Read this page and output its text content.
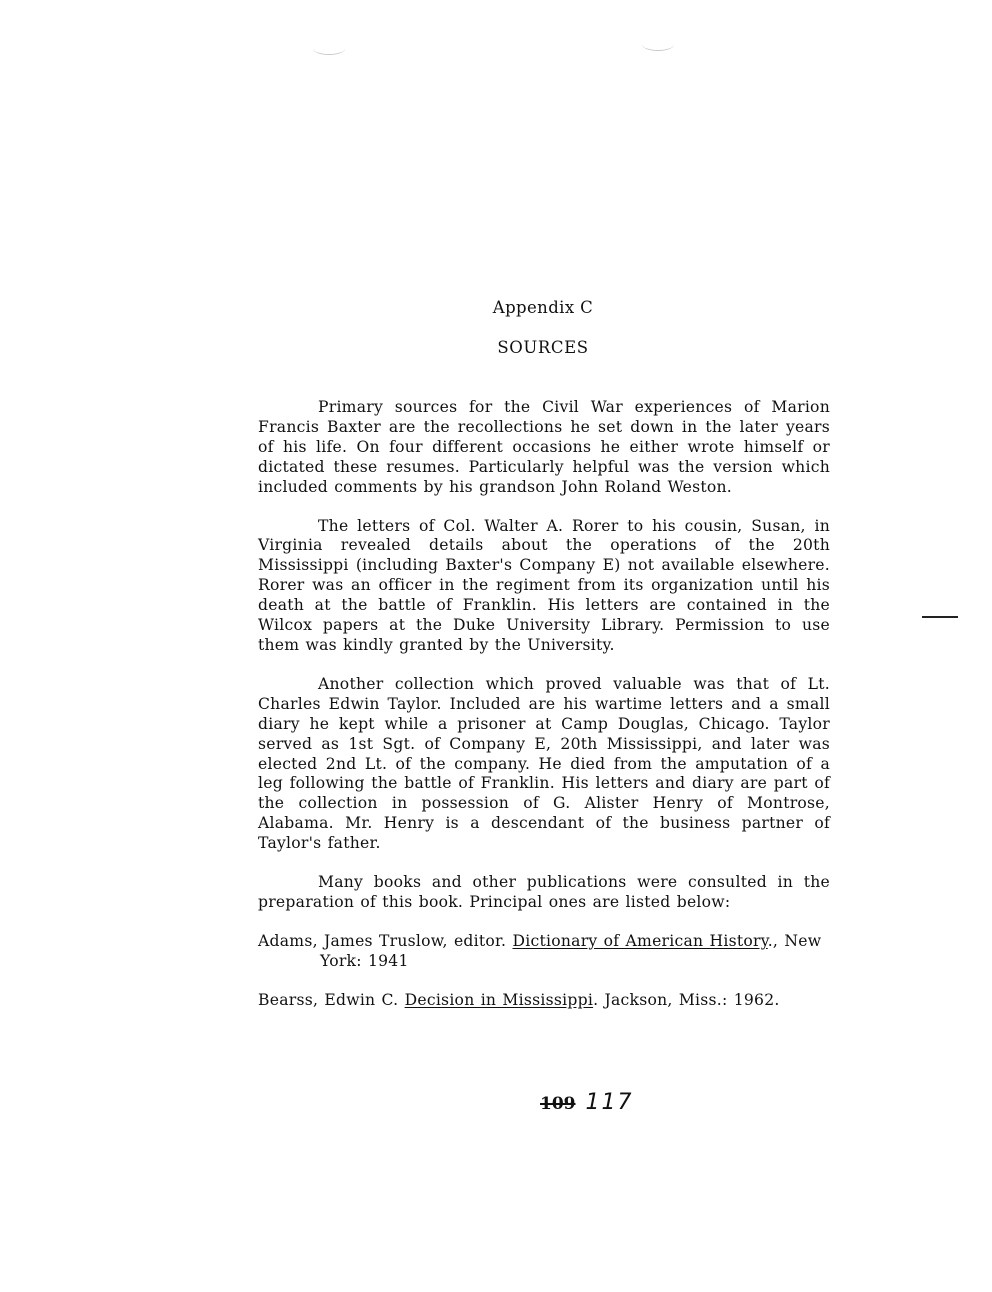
Appendix C
SOURCES

Primary sources for the Civil War experiences of Marion Francis Baxter are the recollections he set down in the later years of his life. On four different occasions he either wrote himself or dictated these resumes. Particularly helpful was the version which included comments by his grandson John Roland Weston.

The letters of Col. Walter A. Rorer to his cousin, Susan, in Virginia revealed details about the operations of the 20th Mississippi (including Baxter's Company E) not available elsewhere. Rorer was an officer in the regiment from its organization until his death at the battle of Franklin. His letters are contained in the Wilcox papers at the Duke University Library. Permission to use them was kindly granted by the University.

Another collection which proved valuable was that of Lt. Charles Edwin Taylor. Included are his wartime letters and a small diary he kept while a prisoner at Camp Douglas, Chicago. Taylor served as 1st Sgt. of Company E, 20th Mississippi, and later was elected 2nd Lt. of the company. He died from the amputation of a leg following the battle of Franklin. His letters and diary are part of the collection in possession of G. Alister Henry of Montrose, Alabama. Mr. Henry is a descendant of the business partner of Taylor's father.

Many books and other publications were consulted in the preparation of this book. Principal ones are listed below:

Adams, James Truslow, editor. Dictionary of American History., New York: 1941

Bearss, Edwin C. Decision in Mississippi. Jackson, Miss.: 1962.

109 117
